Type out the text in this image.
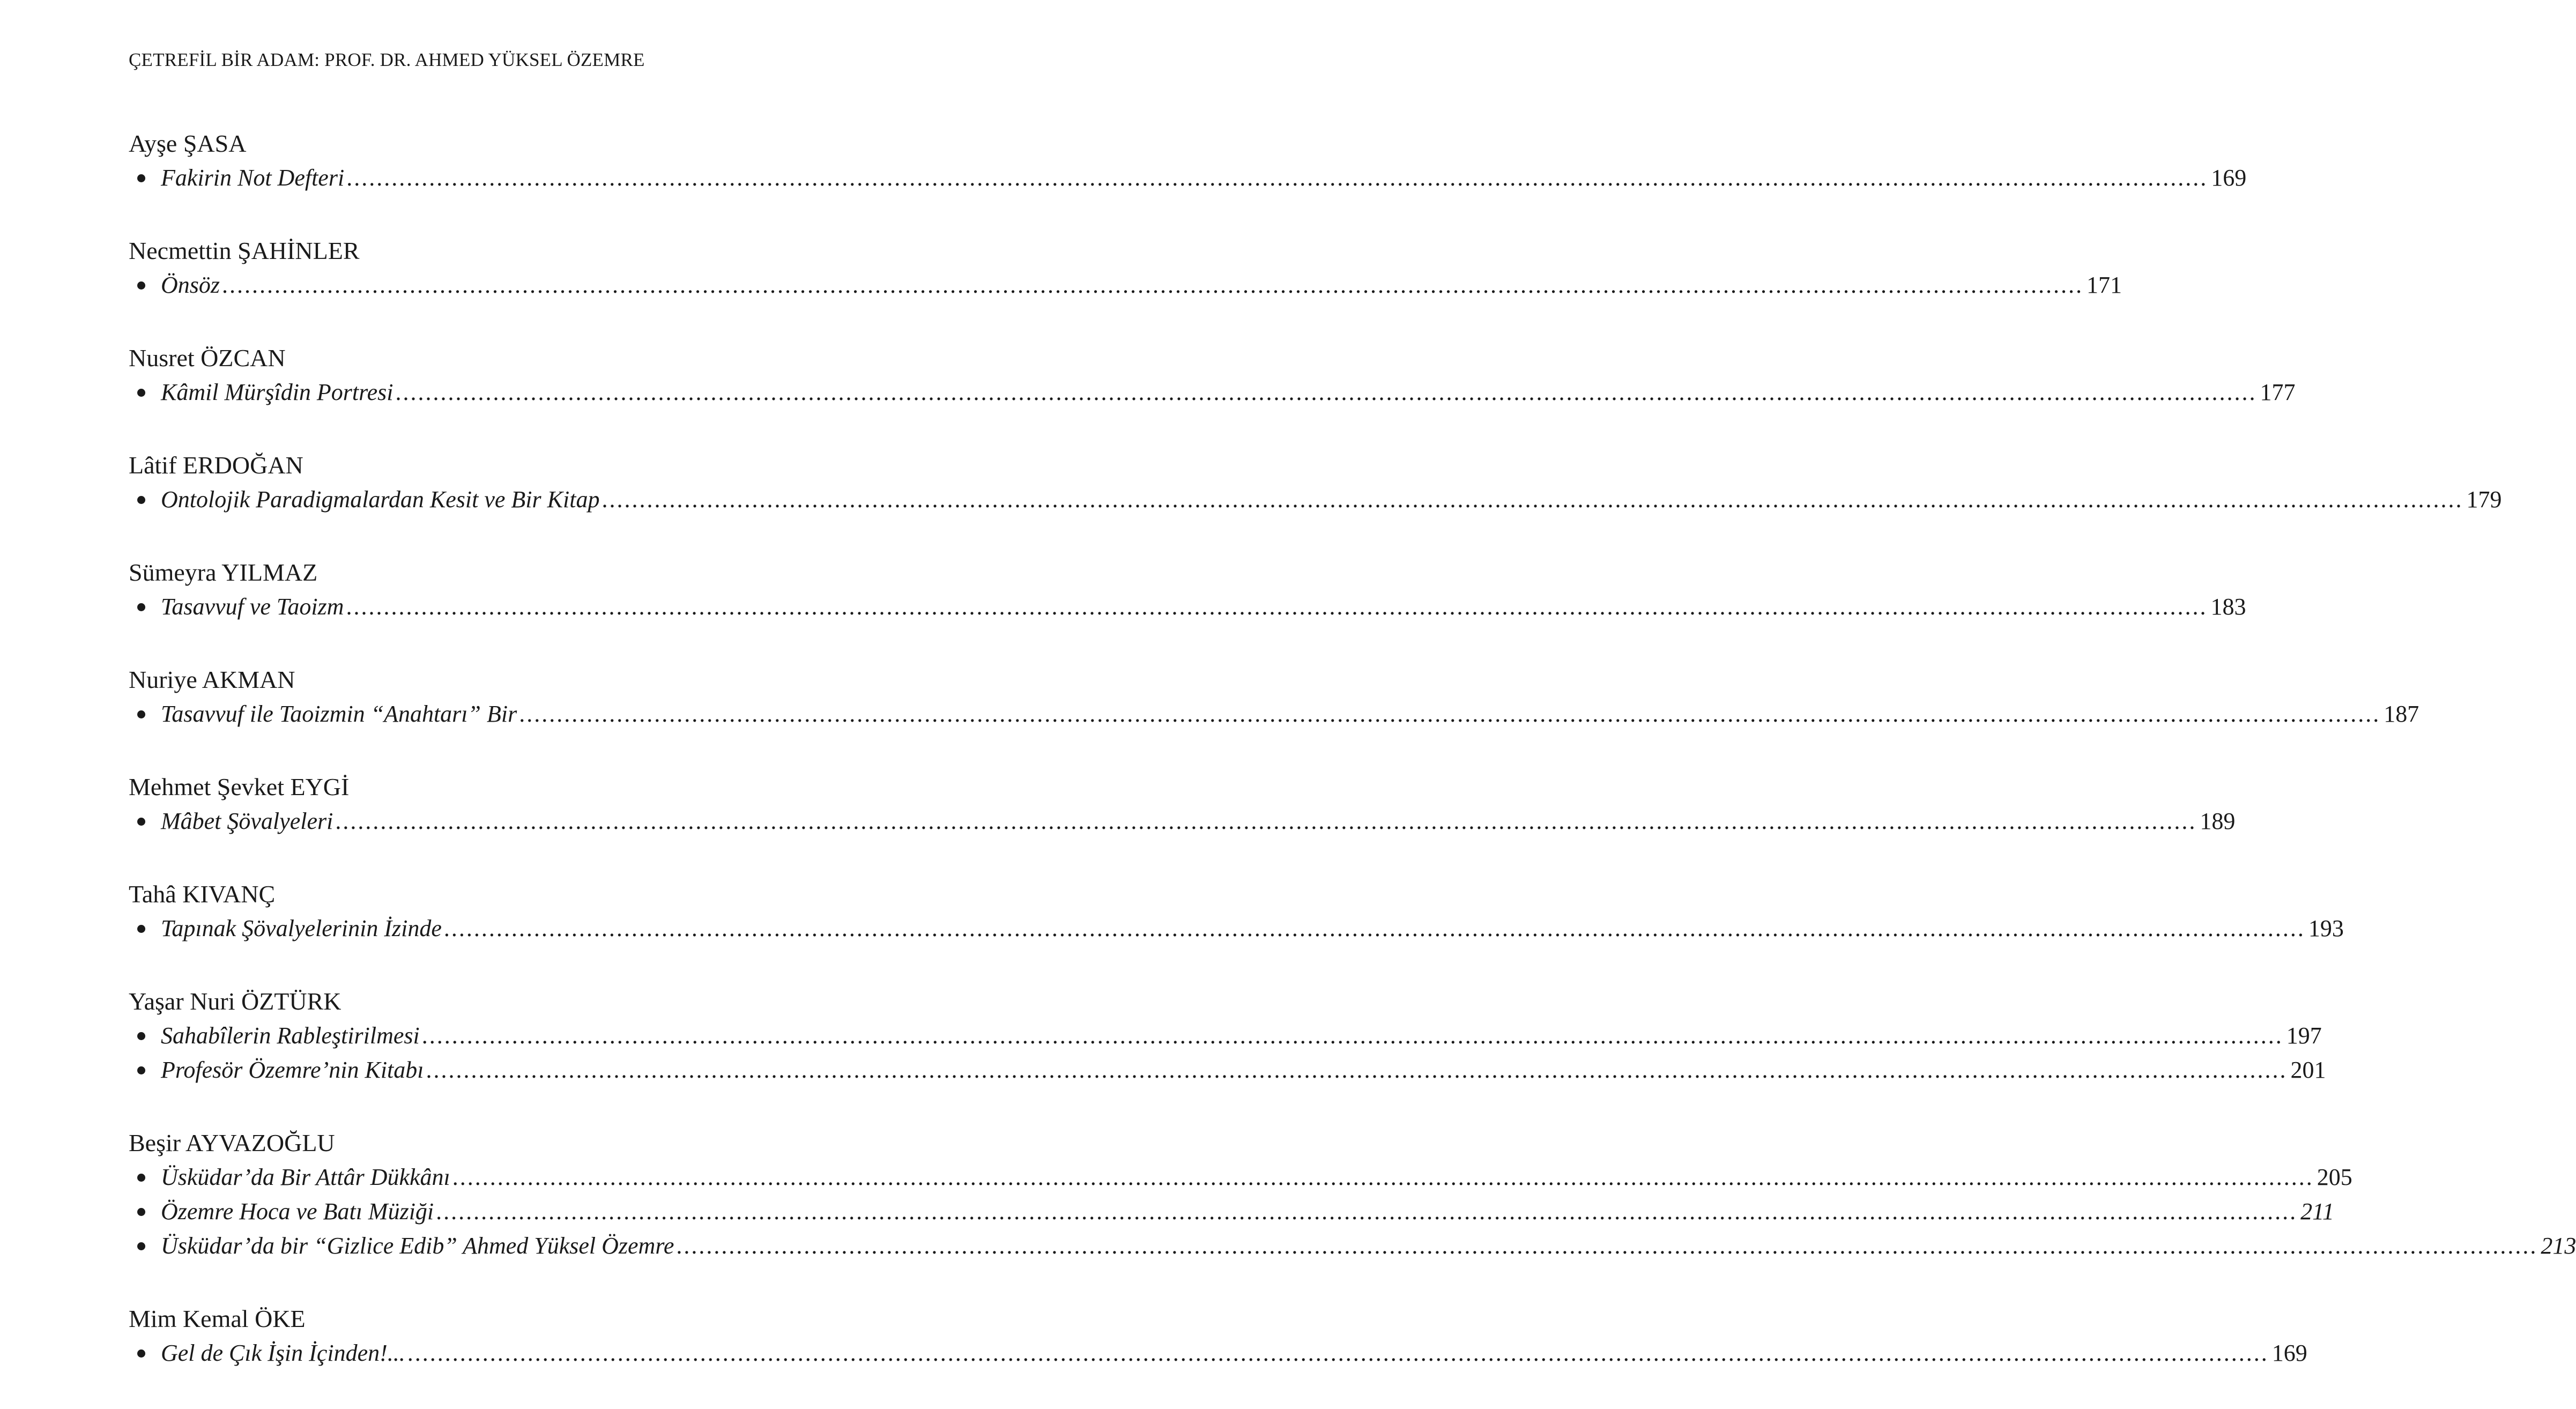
ÇETREFİL BİR ADAM: PROF. DR. AHMED YÜKSEL ÖZEMRE
Ayşe ŞASA
Fakirin Not Defteri .....	169
Necmettin ŞAHİNLER
Önsöz .....	171
Nusret ÖZCAN
Kâmil Mürşîdin Portresi .....	177
Lâtif ERDOĞAN
Ontolojik Paradigmalardan Kesit ve Bir Kitap .....	179
Sümeyra YILMAZ
Tasavvuf ve Taoizm .....	183
Nuriye AKMAN
Tasavvuf ile Taoizmin “Anahtarı” Bir .....	187
Mehmet Şevket EYGİ
Mâbet Şövalyeleri .....	189
Tahâ KIVANÇ
Tapınak Şövalyelerinin İzinde .....	193
Yaşar Nuri ÖZTÜRK
Sahabîlerin Rableştirilmesi .....	197
Profesör Özemre’nin Kitabı .....	201
Beşir AYVAZOĞLU
Üsküdar’da Bir Attâr Dükkânı .....	205
Özemre Hoca ve Batı Müziği .....	211
Üsküdar’da bir “Gizlice Edib” Ahmed Yüksel Özemre .....	213
Mim Kemal ÖKE
Gel de Çık İşin İçinden!... .....	169
